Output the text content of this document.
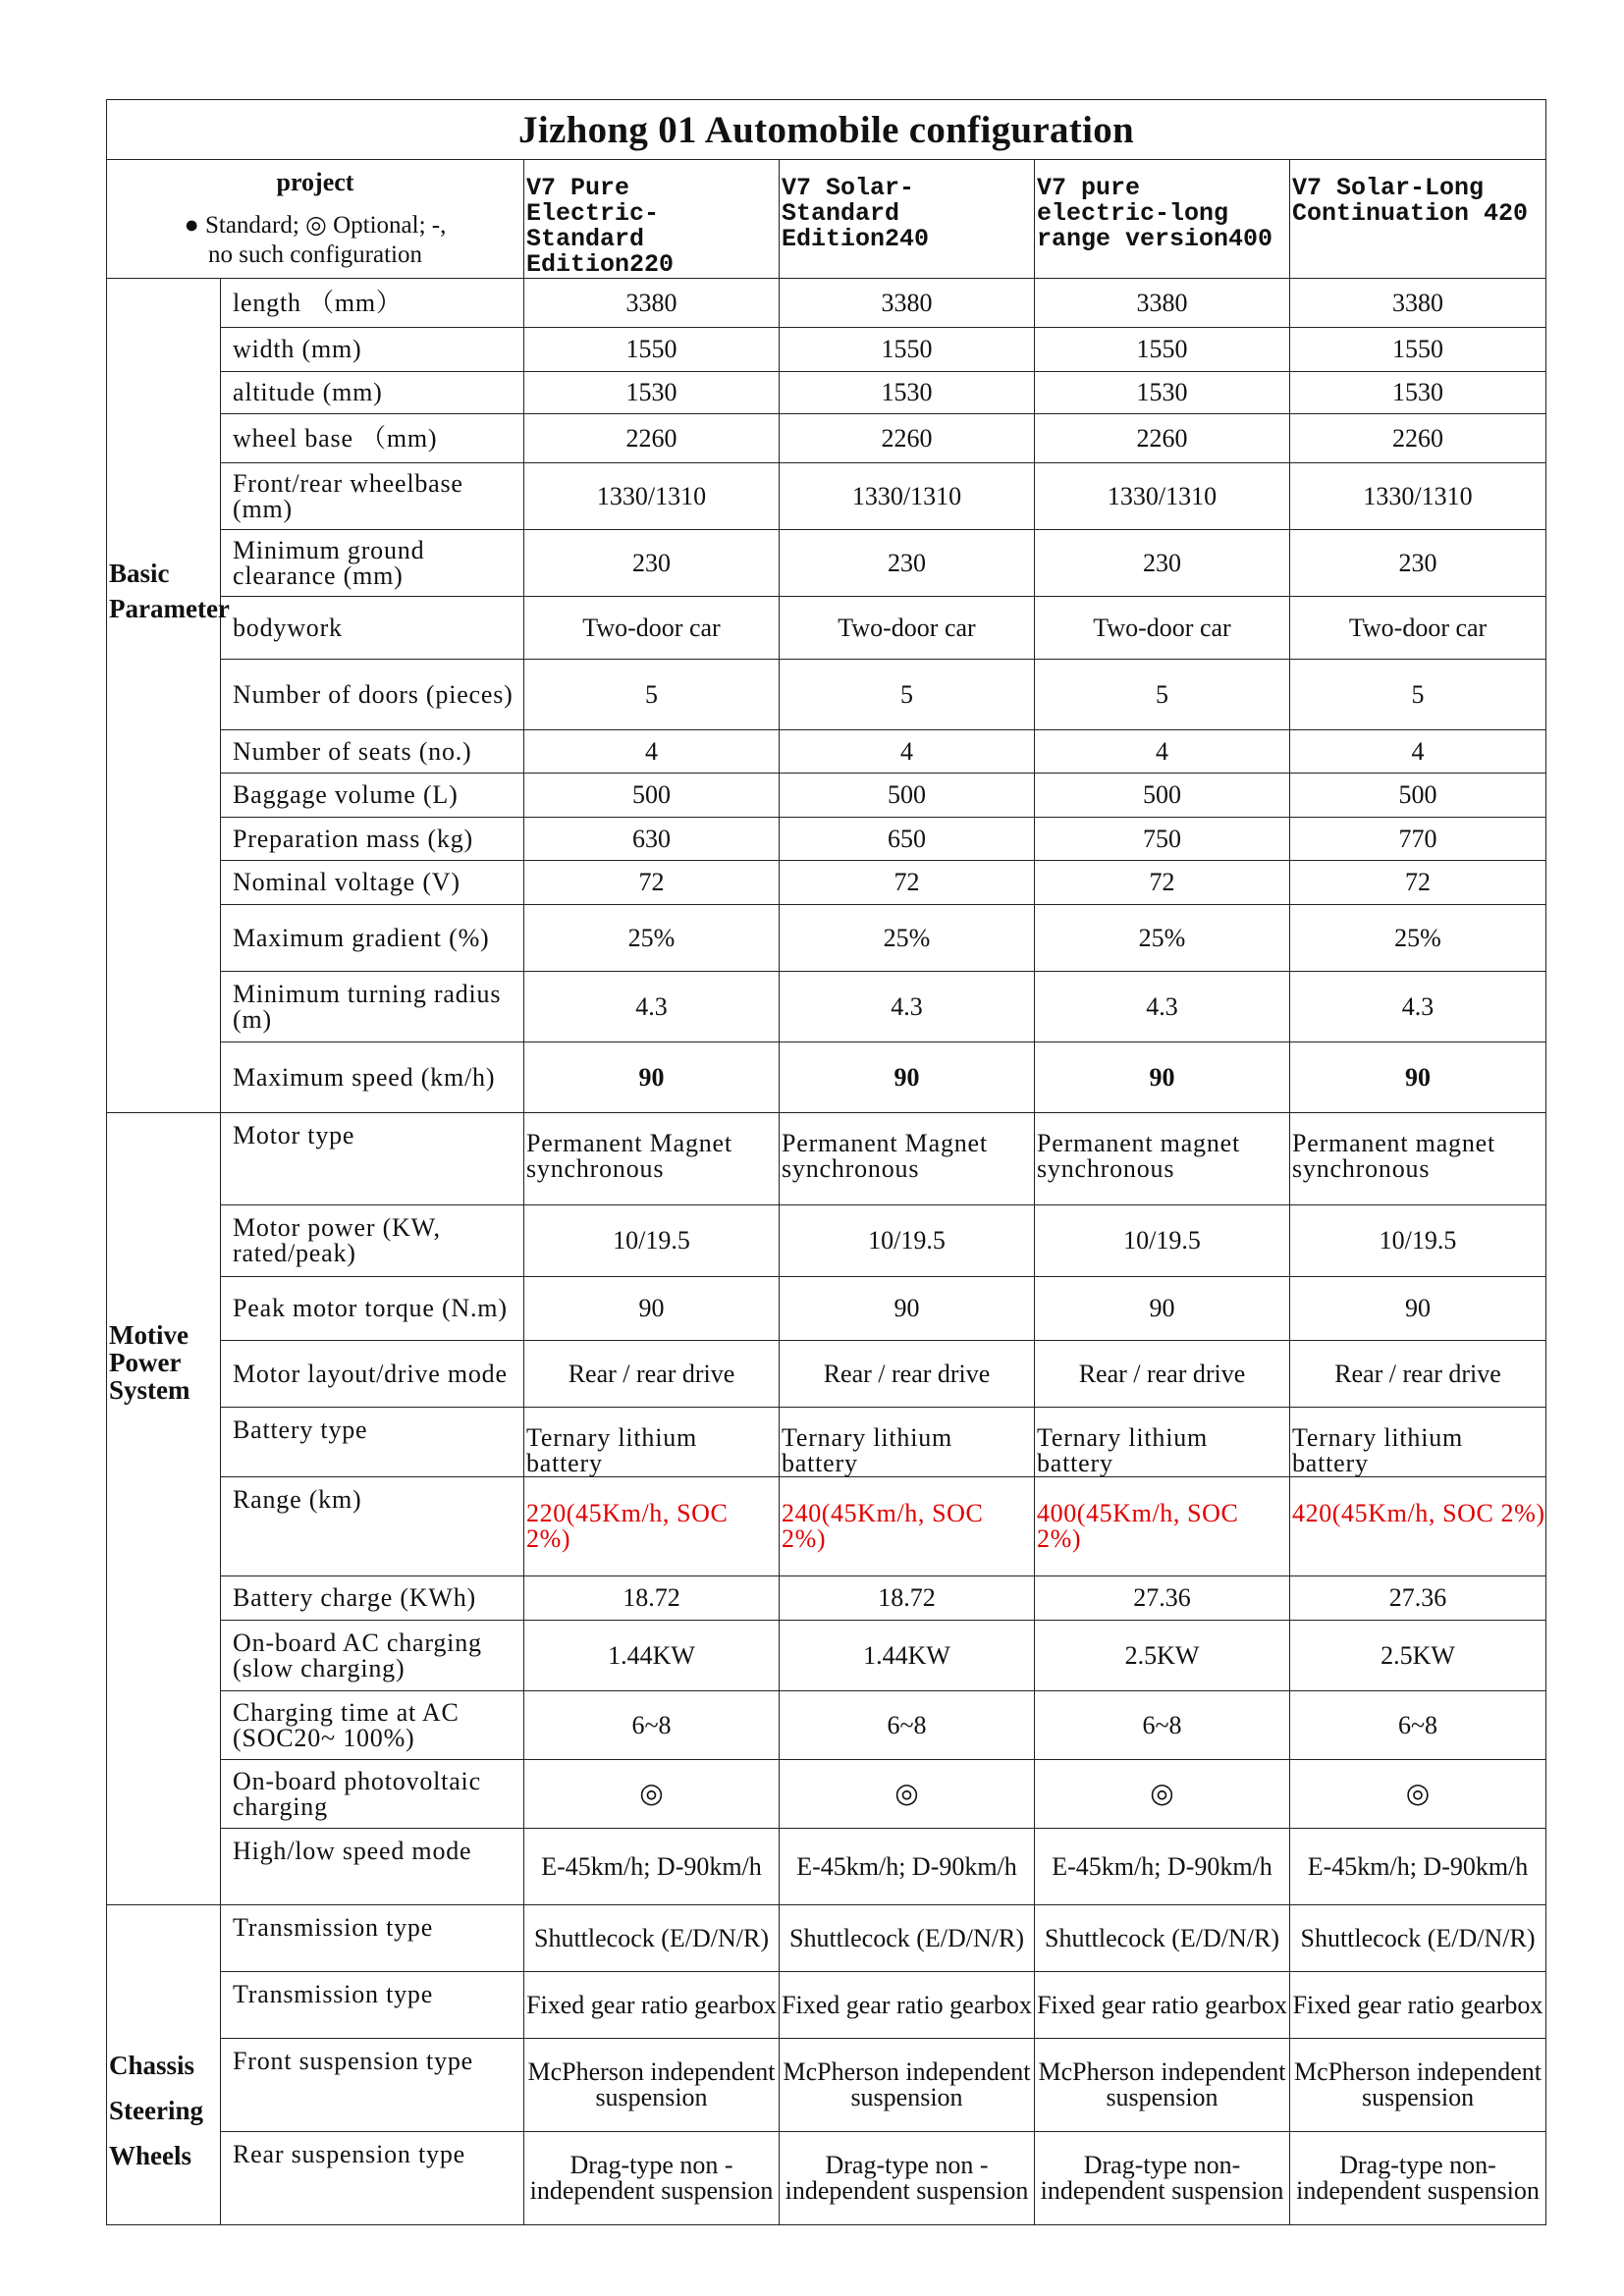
Jizhong 01 Automobile configuration					

project
● Standard; ◎ Optional; -,
no such configuration		V7 Pure Electric-Standard Edition220	V7 Solar-Standard Edition240	V7 pure electric-long range version400	V7 Solar-Long Continuation 420
Basic Parameter	length （mm）	3380	3380	3380	3380
	width (mm)	1550	1550	1550	1550
	altitude (mm)	1530	1530	1530	1530
	wheel base （mm)	2260	2260	2260	2260
	Front/rear wheelbase (mm)	1330/1310	1330/1310	1330/1310	1330/1310
	Minimum ground clearance (mm)	230	230	230	230
	bodywork	Two-door car	Two-door car	Two-door car	Two-door car
	Number of doors (pieces)	5	5	5	5
	Number of seats (no.)	4	4	4	4
	Baggage volume (L)	500	500	500	500
	Preparation mass (kg)	630	650	750	770
	Nominal voltage (V)	72	72	72	72
	Maximum gradient (%)	25%	25%	25%	25%
	Minimum turning radius (m)	4.3	4.3	4.3	4.3
	Maximum speed (km/h)	90	90	90	90
Motive Power System	Motor type	Permanent Magnet synchronous	Permanent Magnet synchronous	Permanent magnet synchronous	Permanent magnet synchronous
	Motor power (KW, rated/peak)	10/19.5	10/19.5	10/19.5	10/19.5
	Peak motor torque (N.m)	90	90	90	90
	Motor layout/drive mode	Rear / rear drive	Rear / rear drive	Rear / rear drive	Rear / rear drive
	Battery type	Ternary lithium battery	Ternary lithium battery	Ternary lithium battery	Ternary lithium battery
	Range (km)	220(45Km/h, SOC 2%)	240(45Km/h, SOC 2%)	400(45Km/h, SOC 2%)	420(45Km/h, SOC 2%)
	Battery charge (KWh)	18.72	18.72	27.36	27.36
	On-board AC charging (slow charging)	1.44KW	1.44KW	2.5KW	2.5KW
	Charging time at AC (SOC20~ 100%)	6~8	6~8	6~8	6~8
	On-board photovoltaic charging	◎	◎	◎	◎
	High/low speed mode	E-45km/h; D-90km/h	E-45km/h; D-90km/h	E-45km/h; D-90km/h	E-45km/h; D-90km/h
Chassis Steering Wheels	Transmission type	Shuttlecock (E/D/N/R)	Shuttlecock (E/D/N/R)	Shuttlecock (E/D/N/R)	Shuttlecock (E/D/N/R)
	Transmission type	Fixed gear ratio gearbox	Fixed gear ratio gearbox	Fixed gear ratio gearbox	Fixed gear ratio gearbox
	Front suspension type	McPherson independent suspension	McPherson independent suspension	McPherson independent suspension	McPherson independent suspension
	Rear suspension type	Drag-type non -independent suspension	Drag-type non -independent suspension	Drag-type non-independent suspension	Drag-type non-independent suspension
